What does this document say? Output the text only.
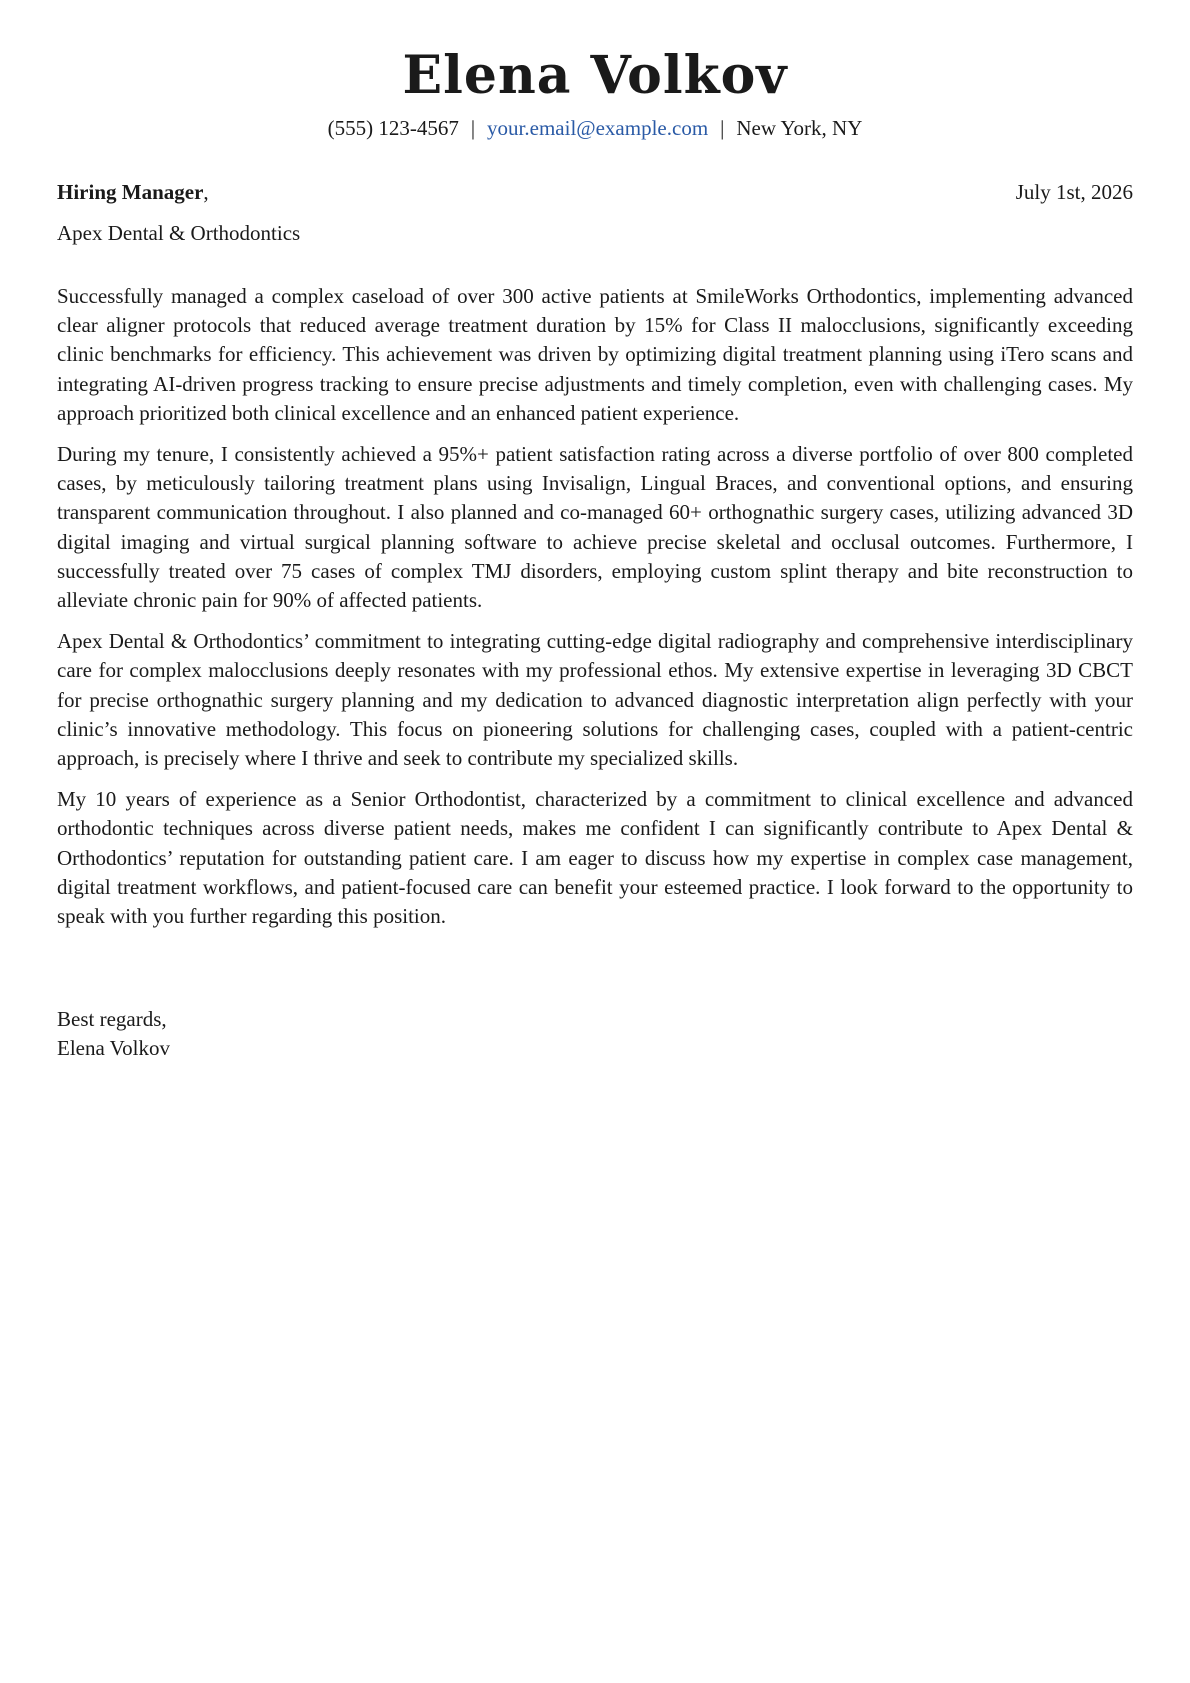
Elena Volkov
(555) 123-4567 | your.email@example.com | New York, NY
Hiring Manager,	July 1st, 2026
Apex Dental & Orthodontics

Successfully managed a complex caseload of over 300 active patients at SmileWorks Orthodontics, implementing advanced clear aligner protocols that reduced average treatment duration by 15% for Class II malocclusions, significantly exceeding clinic benchmarks for efficiency. This achievement was driven by optimizing digital treatment planning using iTero scans and integrating AI-driven progress tracking to ensure precise adjustments and timely completion, even with challenging cases. My approach prioritized both clinical excellence and an enhanced patient experience.

During my tenure, I consistently achieved a 95%+ patient satisfaction rating across a diverse portfolio of over 800 completed cases, by meticulously tailoring treatment plans using Invisalign, Lingual Braces, and conventional options, and ensuring transparent communication throughout. I also planned and co-managed 60+ orthognathic surgery cases, utilizing advanced 3D digital imaging and virtual surgical planning software to achieve precise skeletal and occlusal outcomes. Furthermore, I successfully treated over 75 cases of complex TMJ disorders, employing custom splint therapy and bite reconstruction to alleviate chronic pain for 90% of affected patients.

Apex Dental & Orthodontics’ commitment to integrating cutting-edge digital radiography and comprehensive interdisciplinary care for complex malocclusions deeply resonates with my professional ethos. My extensive expertise in leveraging 3D CBCT for precise orthognathic surgery planning and my dedication to advanced diagnostic interpretation align perfectly with your clinic’s innovative methodology. This focus on pioneering solutions for challenging cases, coupled with a patient-centric approach, is precisely where I thrive and seek to contribute my specialized skills.

My 10 years of experience as a Senior Orthodontist, characterized by a commitment to clinical excellence and advanced orthodontic techniques across diverse patient needs, makes me confident I can significantly contribute to Apex Dental & Orthodontics’ reputation for outstanding patient care. I am eager to discuss how my expertise in complex case management, digital treatment workflows, and patient-focused care can benefit your esteemed practice. I look forward to the opportunity to speak with you further regarding this position.

Best regards,
Elena Volkov
